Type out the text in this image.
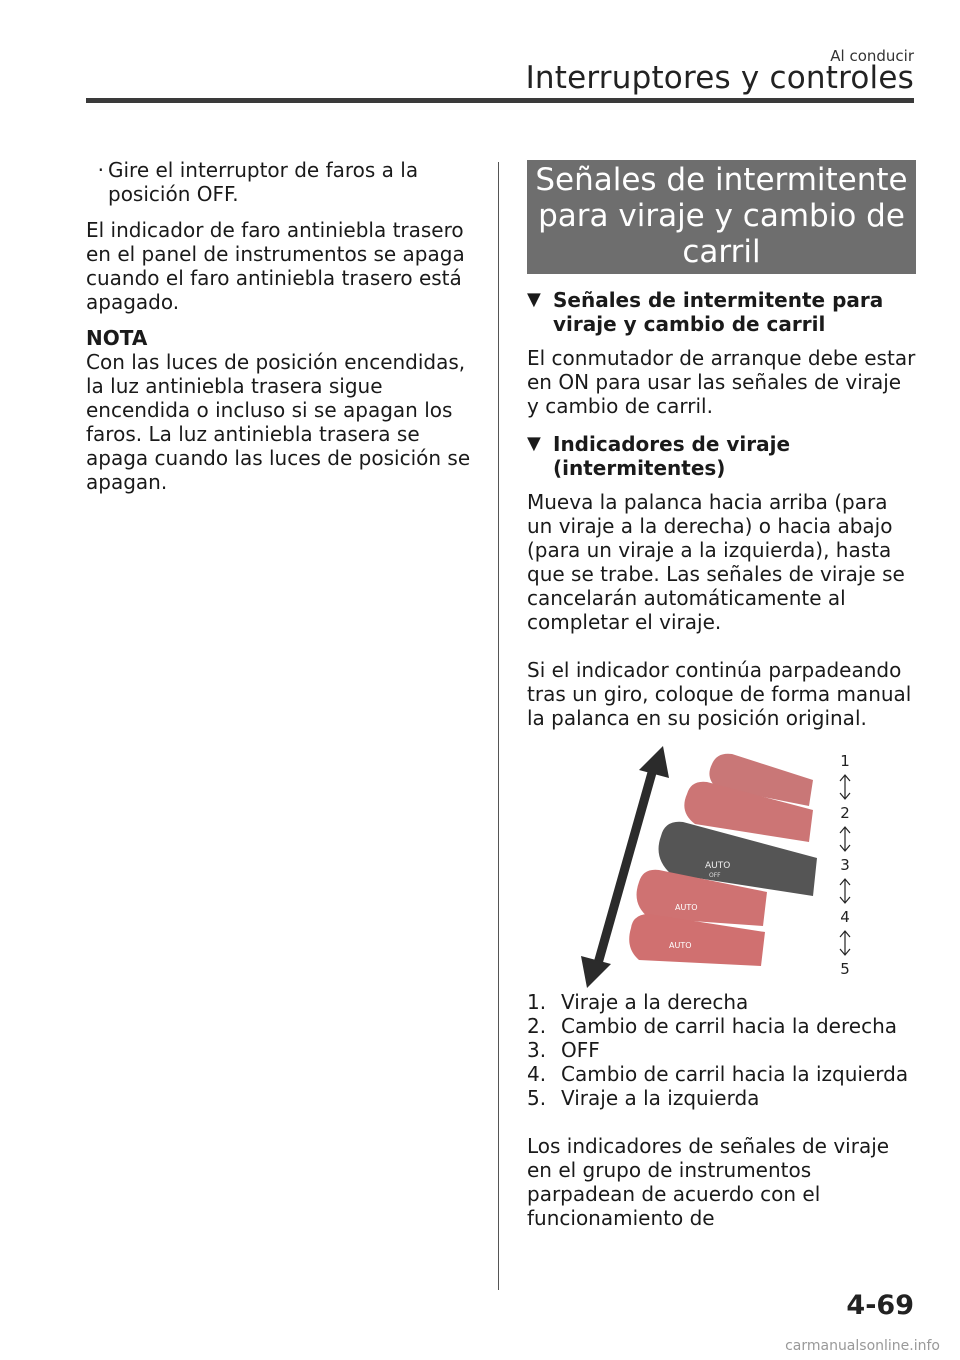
Al conducir
Interruptores y controles
· Gire el interruptor de faros a la posición OFF.

El indicador de faro antiniebla trasero en el panel de instrumentos se apaga cuando el faro antiniebla trasero está apagado.

NOTA

Con las luces de posición encendidas, la luz antiniebla trasera sigue encendida o incluso si se apagan los faros. La luz antiniebla trasera se apaga cuando las luces de posición se apagan.

Señales de intermitente para viraje y cambio de carril
▼ Señales de intermitente para viraje y cambio de carril

El conmutador de arranque debe estar en ON para usar las señales de viraje y cambio de carril.

▼ Indicadores de viraje (intermitentes)

Mueva la palanca hacia arriba (para un viraje a la derecha) o hacia abajo (para un viraje a la izquierda), hasta que se trabe. Las señales de viraje se cancelarán automáticamente al completar el viraje.

Si el indicador continúa parpadeando tras un giro, coloque de forma manual la palanca en su posición original.

AUTO
OFF
AUTO
AUTO
1
2
3
4
5
1. Viraje a la derecha
2. Cambio de carril hacia la derecha
3. OFF
4. Cambio de carril hacia la izquierda
5. Viraje a la izquierda

Los indicadores de señales de viraje en el grupo de instrumentos parpadean de acuerdo con el funcionamiento de

4-69
carmanualsonline.info
